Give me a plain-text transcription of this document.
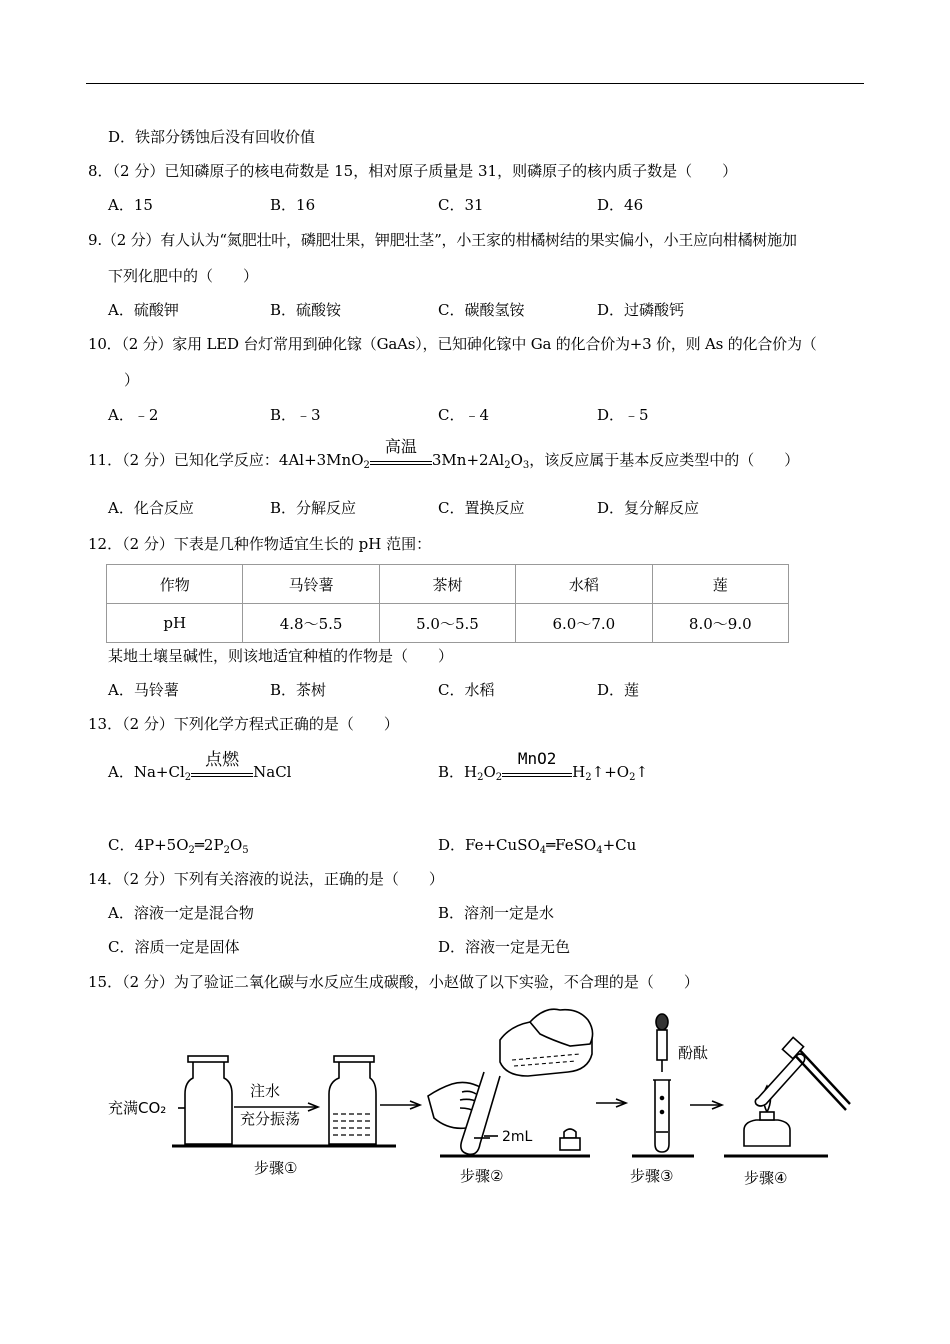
D．铁部分锈蚀后没有回收价值
8．（2 分）已知磷原子的核电荷数是 15，相对原子质量是 31，则磷原子的核内质子数是（　　）
A．15	B．16	C．31	D．46
9.（2 分）有人认为“氮肥壮叶，磷肥壮果，钾肥壮茎”，小王家的柑橘树结的果实偏小，小王应向柑橘树施加
下列化肥中的（　　）
A．硫酸钾	B．硫酸铵	C．碳酸氢铵	D．过磷酸钙
10．（2 分）家用 LED 台灯常用到砷化镓（GaAs），已知砷化镓中 Ga 的化合价为+3 价，则 As 的化合价为（
）
A．﹣2	B．﹣3	C．﹣4	D．﹣5
11．（2 分）已知化学反应：4Al+3MnO$_2$
高温
$3Mn+2Al_2O_3$，该反应属于基本反应类型中的（　　）
A．化合反应	B．分解反应	C．置换反应	D．复分解反应
12．（2 分）下表是几种作物适宜生长的 pH 范围：
作物	马铃薯	茶树	水稻	莲
pH	4.8～5.5	5.0～5.5	6.0～7.0	8.0～9.0
某地土壤呈碱性，则该地适宜种植的作物是（　　）
A．马铃薯	B．茶树	C．水稻	D．莲
13．（2 分）下列化学方程式正确的是（　　）
A．$Na+Cl_2$
点燃
NaCl	B．$H_2O_2$
MnO2
$H_2↑+O_2↑$
C．$4P+5O_2═2P_2O_5$	D．Fe+CuSO$_4$═FeSO$_4$+Cu
14．（2 分）下列有关溶液的说法，正确的是（　　）
A．溶液一定是混合物	B．溶剂一定是水
C．溶质一定是固体	D．溶液一定是无色
15．（2 分）为了验证二氧化碳与水反应生成碳酸，小赵做了以下实验，不合理的是（　　）
充满CO₂
注水
充分振荡
2mL
酚酞
步骤①	步骤②	步骤③	步骤④
